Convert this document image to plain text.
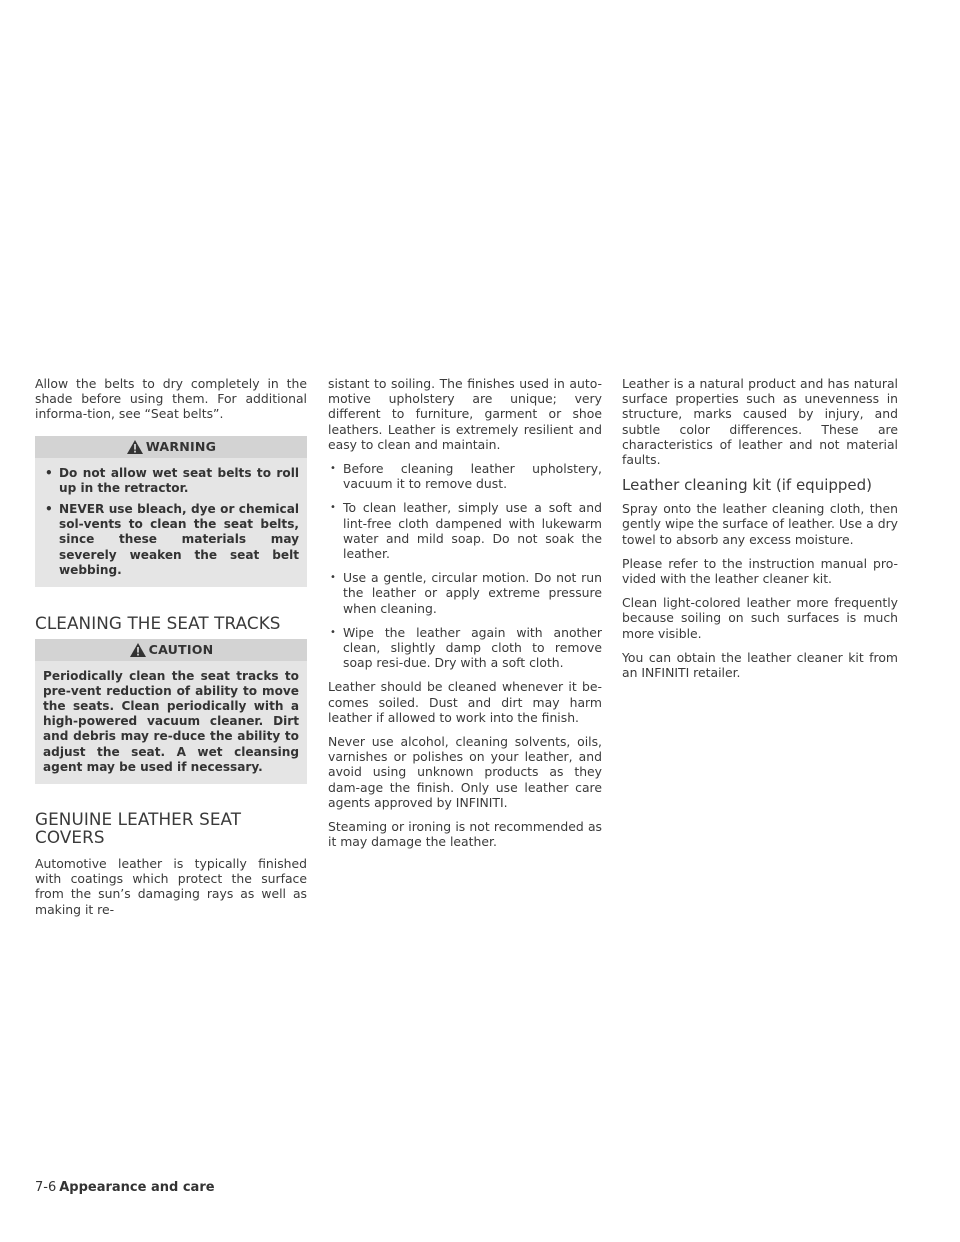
Allow the belts to dry completely in the shade before using them. For additional informa-tion, see “Seat belts”.

WARNING
• Do not allow wet seat belts to roll up in the retractor.
• NEVER use bleach, dye or chemical sol-vents to clean the seat belts, since these materials may severely weaken the seat belt webbing.
CLEANING THE SEAT TRACKS
CAUTION

Periodically clean the seat tracks to pre-vent reduction of ability to move the seats. Clean periodically with a high-powered vacuum cleaner. Dirt and debris may re-duce the ability to adjust the seat. A wet cleansing agent may be used if necessary.

GENUINE LEATHER SEAT COVERS

Automotive leather is typically finished with coatings which protect the surface from the sun’s damaging rays as well as making it re-

sistant to soiling. The finishes used in auto-motive upholstery are unique; very different to furniture, garment or shoe leathers. Leather is extremely resilient and easy to clean and maintain.

• Before cleaning leather upholstery, vacuum it to remove dust.
• To clean leather, simply use a soft and lint-free cloth dampened with lukewarm water and mild soap. Do not soak the leather.
• Use a gentle, circular motion. Do not run the leather or apply extreme pressure when cleaning.
• Wipe the leather again with another clean, slightly damp cloth to remove soap resi-due. Dry with a soft cloth.

Leather should be cleaned whenever it be-comes soiled. Dust and dirt may harm leather if allowed to work into the finish.

Never use alcohol, cleaning solvents, oils, varnishes or polishes on your leather, and avoid using unknown products as they dam-age the finish. Only use leather care agents approved by INFINITI.

Steaming or ironing is not recommended as it may damage the leather.

Leather is a natural product and has natural surface properties such as unevenness in structure, marks caused by injury, and subtle color differences. These are characteristics of leather and not material faults.

Leather cleaning kit (if equipped)

Spray onto the leather cleaning cloth, then gently wipe the surface of leather. Use a dry towel to absorb any excess moisture.

Please refer to the instruction manual pro-vided with the leather cleaner kit.

Clean light-colored leather more frequently because soiling on such surfaces is much more visible.

You can obtain the leather cleaner kit from an INFINITI retailer.

7-6 Appearance and care
